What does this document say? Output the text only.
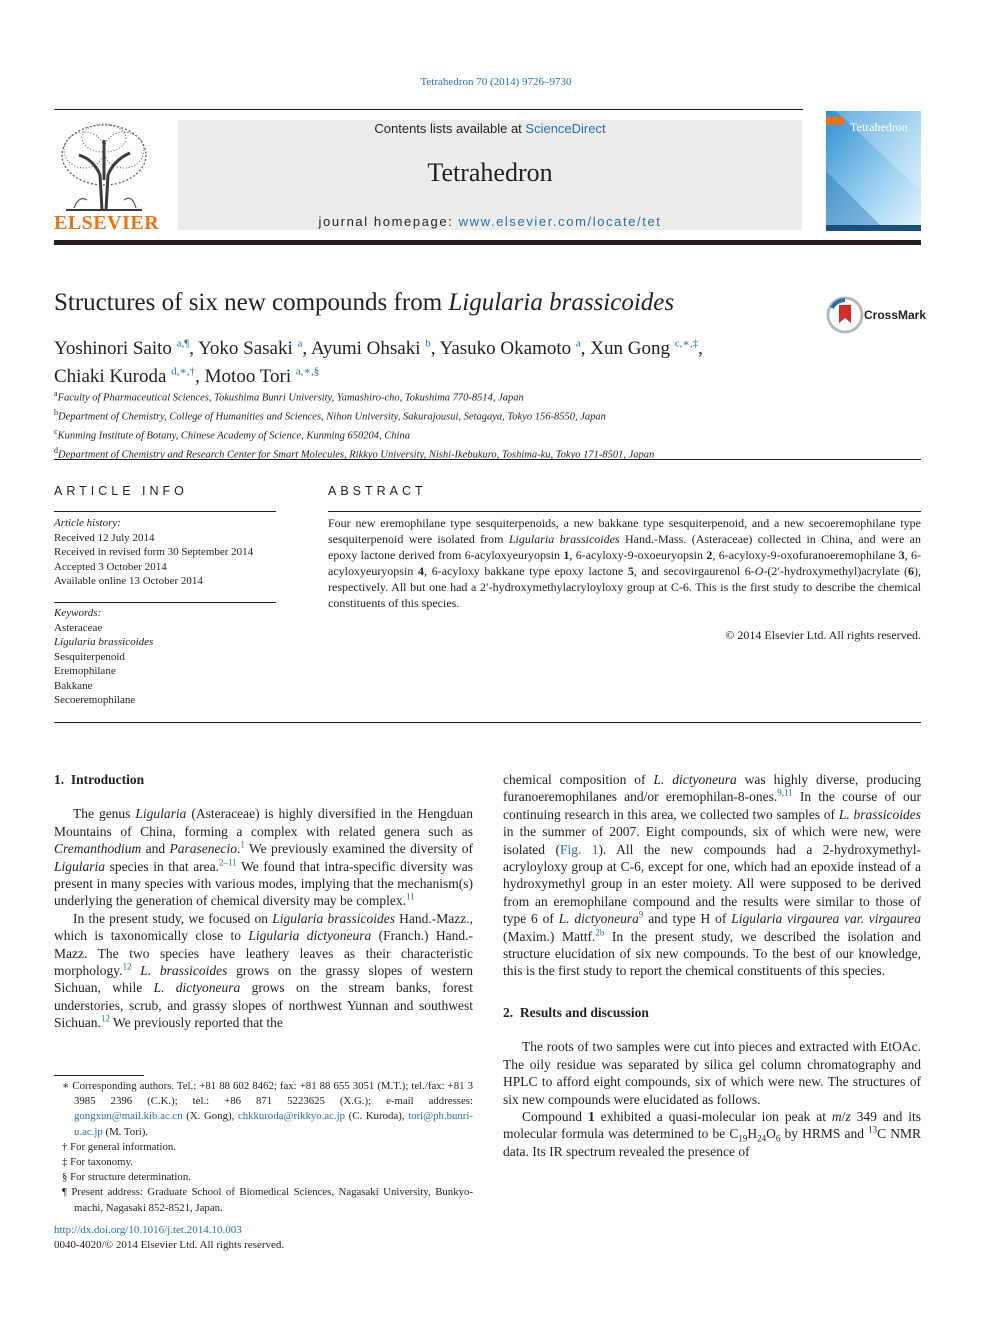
Tetrahedron 70 (2014) 9726–9730
ELSEVIER
Contents lists available at ScienceDirect
Tetrahedron
journal homepage: www.elsevier.com/locate/tet
Tetrahedron
Structures of six new compounds from Ligularia brassicoides	CrossMark
Yoshinori Saito $^{a,\P}$, Yoko Sasaki $^a$, Ayumi Ohsaki $^b$, Yasuko Okamoto $^a$, Xun Gong $^{c,∗,\ddagger}$,
Chiaki Kuroda $^{d,∗,\dagger}$, Motoo Tori $^{a,∗,\S}$
$^a$Faculty of Pharmaceutical Sciences, Tokushima Bunri University, Yamashiro-cho, Tokushima 770-8514, Japan
$^b$Department of Chemistry, College of Humanities and Sciences, Nihon University, Sakurajousui, Setagaya, Tokyo 156-8550, Japan
$^c$Kunming Institute of Botany, Chinese Academy of Science, Kunming 650204, China
$^d$Department of Chemistry and Research Center for Smart Molecules, Rikkyo University, Nishi-Ikebukuro, Toshima-ku, Tokyo 171-8501, Japan
ARTICLE INFO
Article history:
Received 12 July 2014
Received in revised form 30 September 2014
Accepted 3 October 2014
Available online 13 October 2014
Keywords:
Asteraceae
Ligularia brassicoides
Sesquiterpenoid
Eremophilane
Bakkane
Secoeremophilane
ABSTRACT
Four new eremophilane type sesquiterpenoids, a new bakkane type sesquiterpenoid, and a new secoeremophilane type sesquiterpenoid were isolated from Ligularia brassicoides Hand.-Mass. (Asteraceae) collected in China, and were an epoxy lactone derived from 6-acyloxyeuryopsin 1, 6-acyloxy-9-oxoeuryopsin 2, 6-acyloxy-9-oxofuranoeremophilane 3, 6-acyloxyeuryopsin 4, 6-acyloxy bakkane type epoxy lactone 5, and secovirgaurenol 6-O-(2′-hydroxymethyl)acrylate (6), respectively. All but one had a 2′-hydroxymethylacryloyloxy group at C-6. This is the first study to describe the chemical constituents of this species.
© 2014 Elsevier Ltd. All rights reserved.
1. Introduction

The genus Ligularia (Asteraceae) is highly diversified in the Hengduan Mountains of China, forming a complex with related genera such as Cremanthodium and Parasenecio.$^1$ We previously examined the diversity of Ligularia species in that area.$^{2-11}$ We found that intra-specific diversity was present in many species with various modes, implying that the mechanism(s) underlying the generation of chemical diversity may be complex.$^{11}$

In the present study, we focused on Ligularia brassicoides Hand.-Mazz., which is taxonomically close to Ligularia dictyoneura (Franch.) Hand.-Mazz. The two species have leathery leaves as their characteristic morphology.$^{12}$ L. brassicoides grows on the grassy slopes of western Sichuan, while L. dictyoneura grows on the stream banks, forest understories, scrub, and grassy slopes of northwest Yunnan and southwest Sichuan.$^{12}$ We previously reported that the

chemical composition of L. dictyoneura was highly diverse, producing furanoeremophilanes and/or eremophilan-8-ones.$^{9,11}$ In the course of our continuing research in this area, we collected two samples of L. brassicoides in the summer of 2007. Eight compounds, six of which were new, were isolated (Fig. 1). All the new compounds had a 2-hydroxymethyl-acryloyloxy group at C-6, except for one, which had an epoxide instead of a hydroxymethyl group in an ester moiety. All were supposed to be derived from an eremophilane compound and the results were similar to those of type 6 of L. dictyoneura$^9$ and type H of Ligularia virgaurea var. virgaurea (Maxim.) Mattf.$^{2b}$ In the present study, we described the isolation and structure elucidation of six new compounds. To the best of our knowledge, this is the first study to report the chemical constituents of this species.

2. Results and discussion

The roots of two samples were cut into pieces and extracted with EtOAc. The oily residue was separated by silica gel column chromatography and HPLC to afford eight compounds, six of which were new. The structures of six new compounds were elucidated as follows.

Compound 1 exhibited a quasi-molecular ion peak at m/z 349 and its molecular formula was determined to be $C_{19}H_{24}O_6$ by HRMS and $^{13}$C NMR data. Its IR spectrum revealed the presence of

∗ Corresponding authors. Tel.: +81 88 602 8462; fax: +81 88 655 3051 (M.T.); tel./fax: +81 3 3985 2396 (C.K.); tel.: +86 871 5223625 (X.G.); e-mail addresses: gongxun@mail.kib.ac.cn (X. Gong), chkkuroda@rikkyo.ac.jp (C. Kuroda), tori@ph.bunri-u.ac.jp (M. Tori).
† For general information.
‡ For taxonomy.
§ For structure determination.
¶ Present address: Graduate School of Biomedical Sciences, Nagasaki University, Bunkyo-machi, Nagasaki 852-8521, Japan.
http://dx.doi.org/10.1016/j.tet.2014.10.003
0040-4020/© 2014 Elsevier Ltd. All rights reserved.
